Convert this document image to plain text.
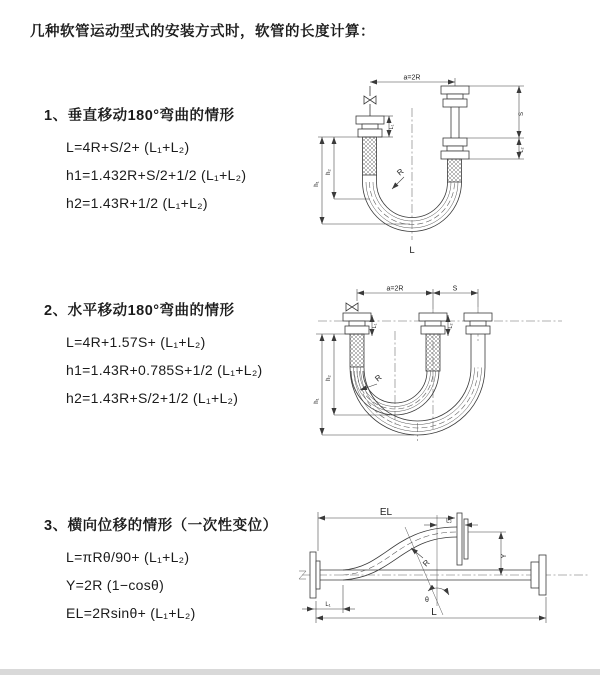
几种软管运动型式的安装方式时，软管的长度计算：
1、垂直移动180°弯曲的情形
L=4R+S/2+ (L₁+L₂)
h1=1.432R+S/2+1/2 (L₁+L₂)
h2=1.43R+1/2 (L₁+L₂)
2、水平移动180°弯曲的情形
L=4R+1.57S+ (L₁+L₂)
h1=1.43R+0.785S+1/2 (L₁+L₂)
h2=1.43R+S/2+1/2 (L₁+L₂)
3、横向位移的情形（一次性变位）
L=πRθ/90+ (L₁+L₂)
Y=2R (1−cosθ)
EL=2Rsinθ+ (L₁+L₂)
a=2R
L₁
h₂
h₁
S
L₂
R
L
a=2R	S
h₂
h₁
L₁	L₂
R
θ
EL
L₂
Y
R
L
L₁
